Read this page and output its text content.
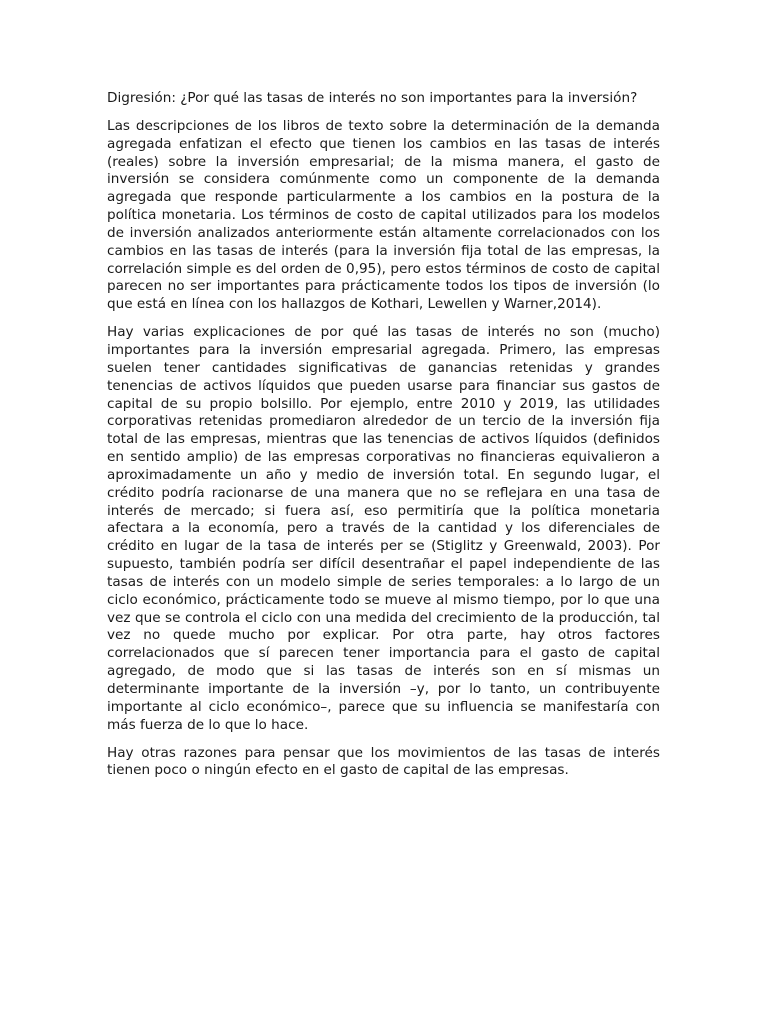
Digresión: ¿Por qué las tasas de interés no son importantes para la inversión?

Las descripciones de los libros de texto sobre la determinación de la demanda agregada enfatizan el efecto que tienen los cambios en las tasas de interés (reales) sobre la inversión empresarial; de la misma manera, el gasto de inversión se considera comúnmente como un componente de la demanda agregada que responde particularmente a los cambios en la postura de la política monetaria. Los términos de costo de capital utilizados para los modelos de inversión analizados anteriormente están altamente correlacionados con los cambios en las tasas de interés (para la inversión fija total de las empresas, la correlación simple es del orden de 0,95), pero estos términos de costo de capital parecen no ser importantes para prácticamente todos los tipos de inversión (lo que está en línea con los hallazgos de Kothari, Lewellen y Warner,2014).

Hay varias explicaciones de por qué las tasas de interés no son (mucho) importantes para la inversión empresarial agregada. Primero, las empresas suelen tener cantidades significativas de ganancias retenidas y grandes tenencias de activos líquidos que pueden usarse para financiar sus gastos de capital de su propio bolsillo. Por ejemplo, entre 2010 y 2019, las utilidades corporativas retenidas promediaron alrededor de un tercio de la inversión fija total de las empresas, mientras que las tenencias de activos líquidos (definidos en sentido amplio) de las empresas corporativas no financieras equivalieron a aproximadamente un año y medio de inversión total. En segundo lugar, el crédito podría racionarse de una manera que no se reflejara en una tasa de interés de mercado; si fuera así, eso permitiría que la política monetaria afectara a la economía, pero a través de la cantidad y los diferenciales de crédito en lugar de la tasa de interés per se (Stiglitz y Greenwald, 2003). Por supuesto, también podría ser difícil desentrañar el papel independiente de las tasas de interés con un modelo simple de series temporales: a lo largo de un ciclo económico, prácticamente todo se mueve al mismo tiempo, por lo que una vez que se controla el ciclo con una medida del crecimiento de la producción, tal vez no quede mucho por explicar. Por otra parte, hay otros factores correlacionados que sí parecen tener importancia para el gasto de capital agregado, de modo que si las tasas de interés son en sí mismas un determinante importante de la inversión –y, por lo tanto, un contribuyente importante al ciclo económico–, parece que su influencia se manifestaría con más fuerza de lo que lo hace.

Hay otras razones para pensar que los movimientos de las tasas de interés tienen poco o ningún efecto en el gasto de capital de las empresas.
